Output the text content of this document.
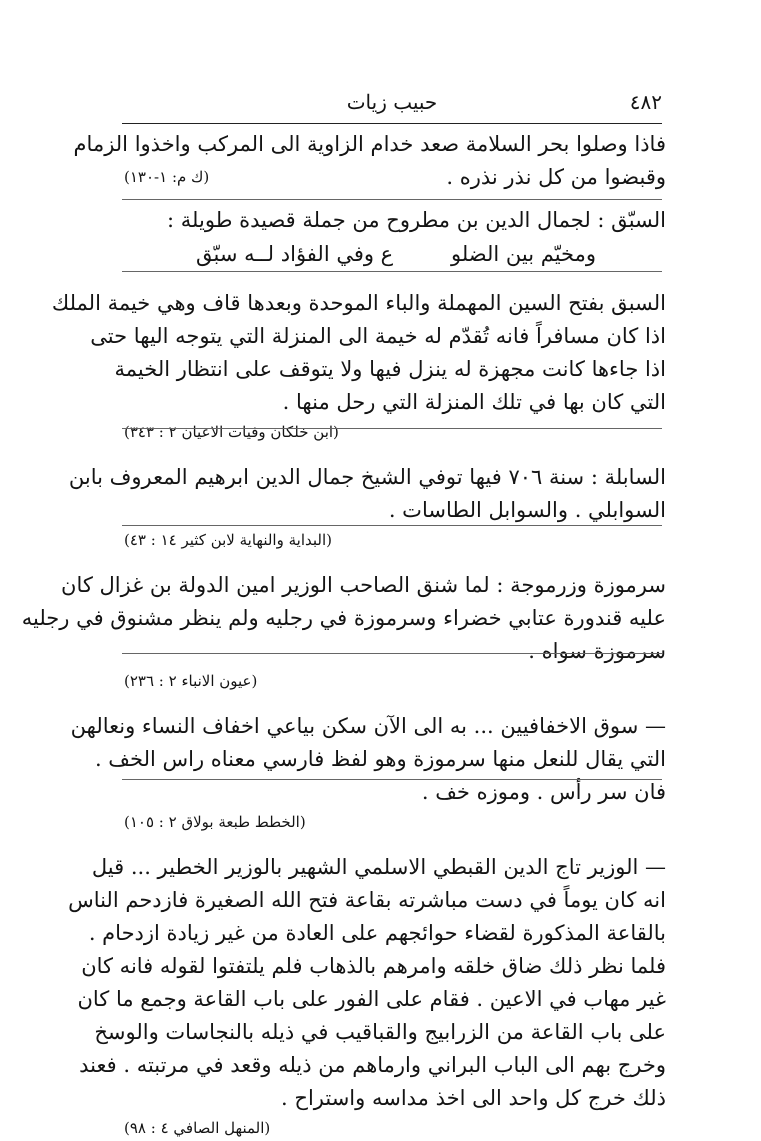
٤٨٢
حبيب زيات
فاذا وصلوا بحر السلامة صعد خدام الزاوية الى المركب واخذوا الزمام
وقبضوا من كل نذر نذره .
(ك م: ١-١٣٠)
السبّق : لجمال الدين بن مطروح من جملة قصيدة طويلة :
ومخيّم بين الضلو
ع وفي الفؤاد لــه سبّق
السبق بفتح السين المهملة والباء الموحدة وبعدها قاف وهي خيمة الملك
اذا كان مسافراً فانه تُقدّم له خيمة الى المنزلة التي يتوجه اليها حتى
اذا جاءها كانت مجهزة له ينزل فيها ولا يتوقف على انتظار الخيمة
التي كان بها في تلك المنزلة التي رحل منها .
(ابن خلكان وفيات الاعيان ٢ : ٣٤٣)
السابلة : سنة ٧٠٦ فيها توفي الشيخ جمال الدين ابرهيم المعروف بابن
السوابلي . والسوابل الطاسات .
(البداية والنهاية لابن كثير ١٤ : ٤٣)
سرموزة وزرموجة : لما شنق الصاحب الوزير امين الدولة بن غزال كان
عليه قندورة عتابي خضراء وسرموزة في رجليه ولم ينظر مشنوق في رجليه
سرموزة سواه .
(عيون الانباء ٢ : ٢٣٦)
— سوق الاخفافيين ... به الى الآن سكن بياعي اخفاف النساء ونعالهن
التي يقال للنعل منها سرموزة وهو لفظ فارسي معناه راس الخف .
فان سر رأس . وموزه خف .
(الخطط طبعة بولاق ٢ : ١٠٥)
— الوزير تاج الدين القبطي الاسلمي الشهير بالوزير الخطير ... قيل
انه كان يوماً في دست مباشرته بقاعة فتح الله الصغيرة فازدحم الناس
بالقاعة المذكورة لقضاء حوائجهم على العادة من غير زيادة ازدحام .
فلما نظر ذلك ضاق خلقه وامرهم بالذهاب فلم يلتفتوا لقوله فانه كان
غير مهاب في الاعين . فقام على الفور على باب القاعة وجمع ما كان
على باب القاعة من الزرابيج والقباقيب في ذيله بالنجاسات والوسخ
وخرج بهم الى الباب البراني وارماهم من ذيله وقعد في مرتبته . فعند
ذلك خرج كل واحد الى اخذ مداسه واستراح .
(المنهل الصافي ٤ : ٩٨)
